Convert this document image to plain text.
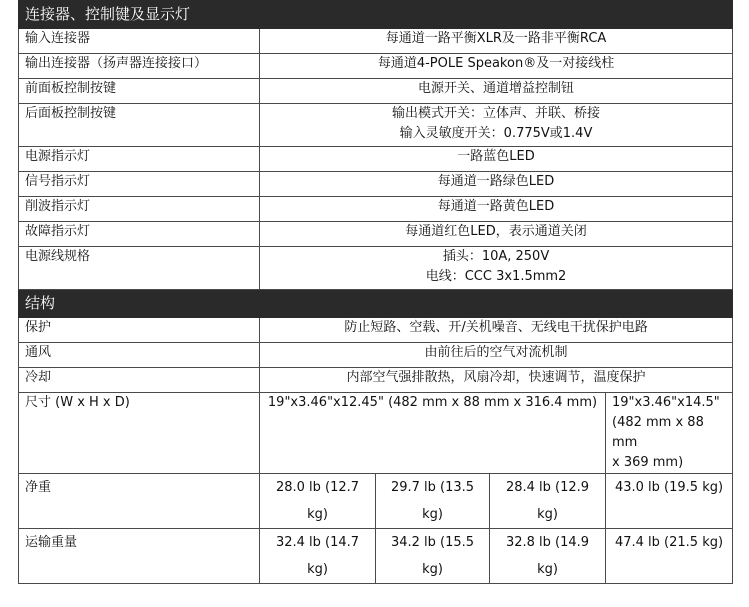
连接器、控制键及显示灯				
输入连接器	每通道一路平衡XLR及一路非平衡RCA			
输出连接器（扬声器连接接口）	每通道4-POLE Speakon®及一对接线柱			
前面板控制按键	电源开关、通道增益控制钮			
后面板控制按键	输出模式开关：立体声、并联、桥接
输入灵敏度开关：0.775V或1.4V			

电源指示灯	一路蓝色LED			
信号指示灯	每通道一路绿色LED			
削波指示灯	每通道一路黄色LED			
故障指示灯	每通道红色LED，表示通道关闭			
电源线规格	插头：10A, 250V
电线：CCC 3x1.5mm2			

结构				
保护	防止短路、空载、开/关机噪音、无线电干扰保护电路			
通风	由前往后的空气对流机制			
冷却	内部空气强排散热，风扇冷却，快速调节，温度保护			
尺寸 (W x H x D)	19"x3.46"x12.45" (482 mm x 88 mm x 316.4 mm)			19"x3.46"x14.5"
(482 mm x 88 mm
x 369 mm)

净重	28.0 lb (12.7 kg)	29.7 lb (13.5 kg)	28.4 lb (12.9 kg)	43.0 lb (19.5 kg)
运输重量	32.4 lb (14.7 kg)	34.2 lb (15.5 kg)	32.8 lb (14.9 kg)	47.4 lb (21.5 kg)
